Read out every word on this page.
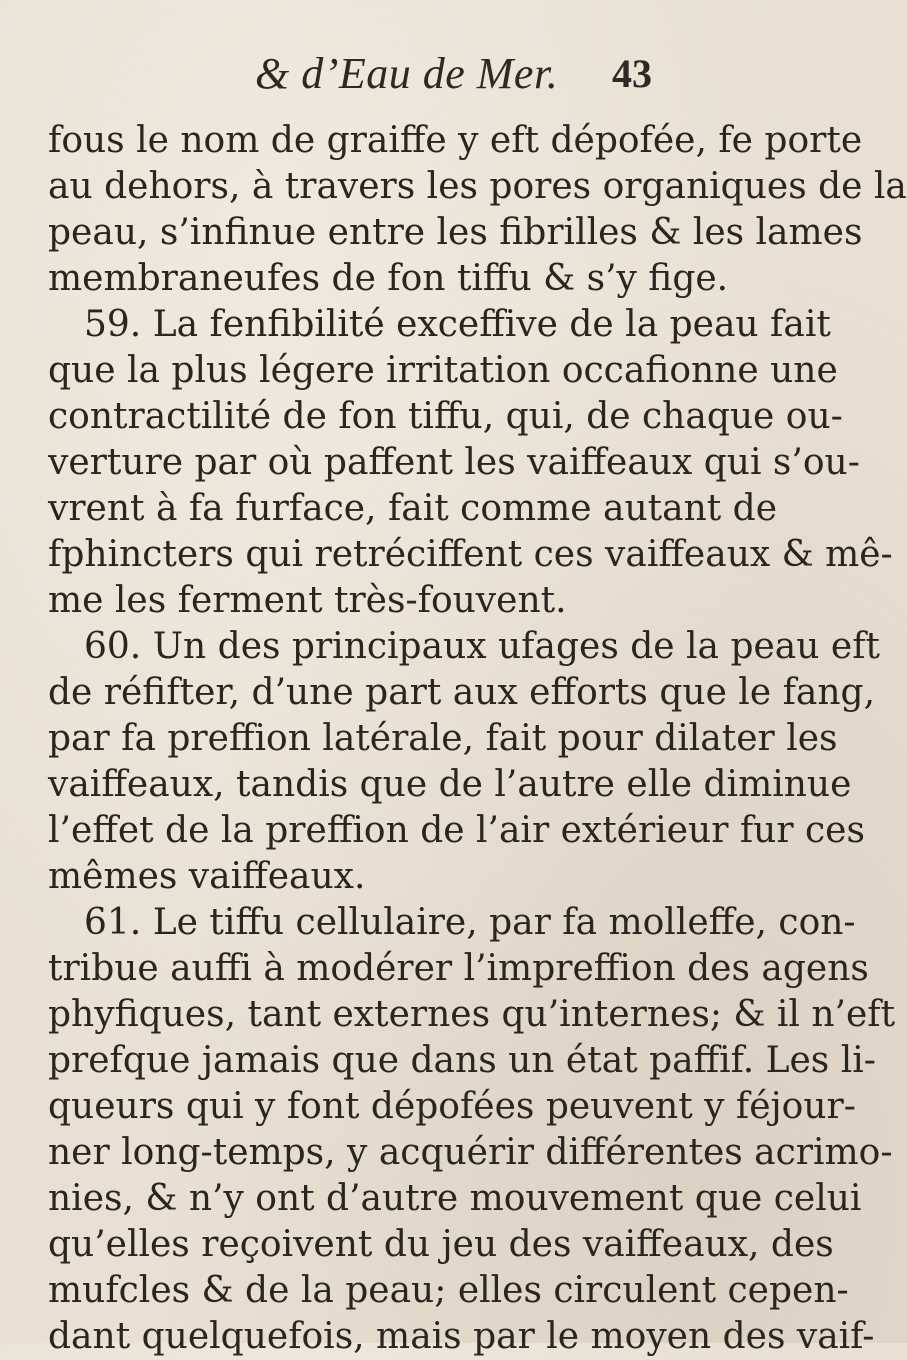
& d’Eau de Mer. 43
fous le nom de graiffe y eft dépofée, fe porte
au dehors, à travers les pores organiques de la
peau, s’infinue entre les fibrilles & les lames
membraneufes de fon tiffu & s’y fige.
59. La fenfibilité exceffive de la peau fait
que la plus légere irritation occafionne une
contractilité de fon tiffu, qui, de chaque ou-
verture par où paffent les vaiffeaux qui s’ou-
vrent à fa furface, fait comme autant de
fphincters qui retréciffent ces vaiffeaux & mê-
me les ferment très-fouvent.
60. Un des principaux ufages de la peau eft
de réfifter, d’une part aux efforts que le fang,
par fa preffion latérale, fait pour dilater les
vaiffeaux, tandis que de l’autre elle diminue
l’effet de la preffion de l’air extérieur fur ces
mêmes vaiffeaux.
61. Le tiffu cellulaire, par fa molleffe, con-
tribue auffi à modérer l’impreffion des agens
phyfiques, tant externes qu’internes; & il n’eft
prefque jamais que dans un état paffif. Les li-
queurs qui y font dépofées peuvent y féjour-
ner long-temps, y acquérir différentes acrimo-
nies, & n’y ont d’autre mouvement que celui
qu’elles reçoivent du jeu des vaiffeaux, des
mufcles & de la peau; elles circulent cepen-
dant quelquefois, mais par le moyen des vaif-
